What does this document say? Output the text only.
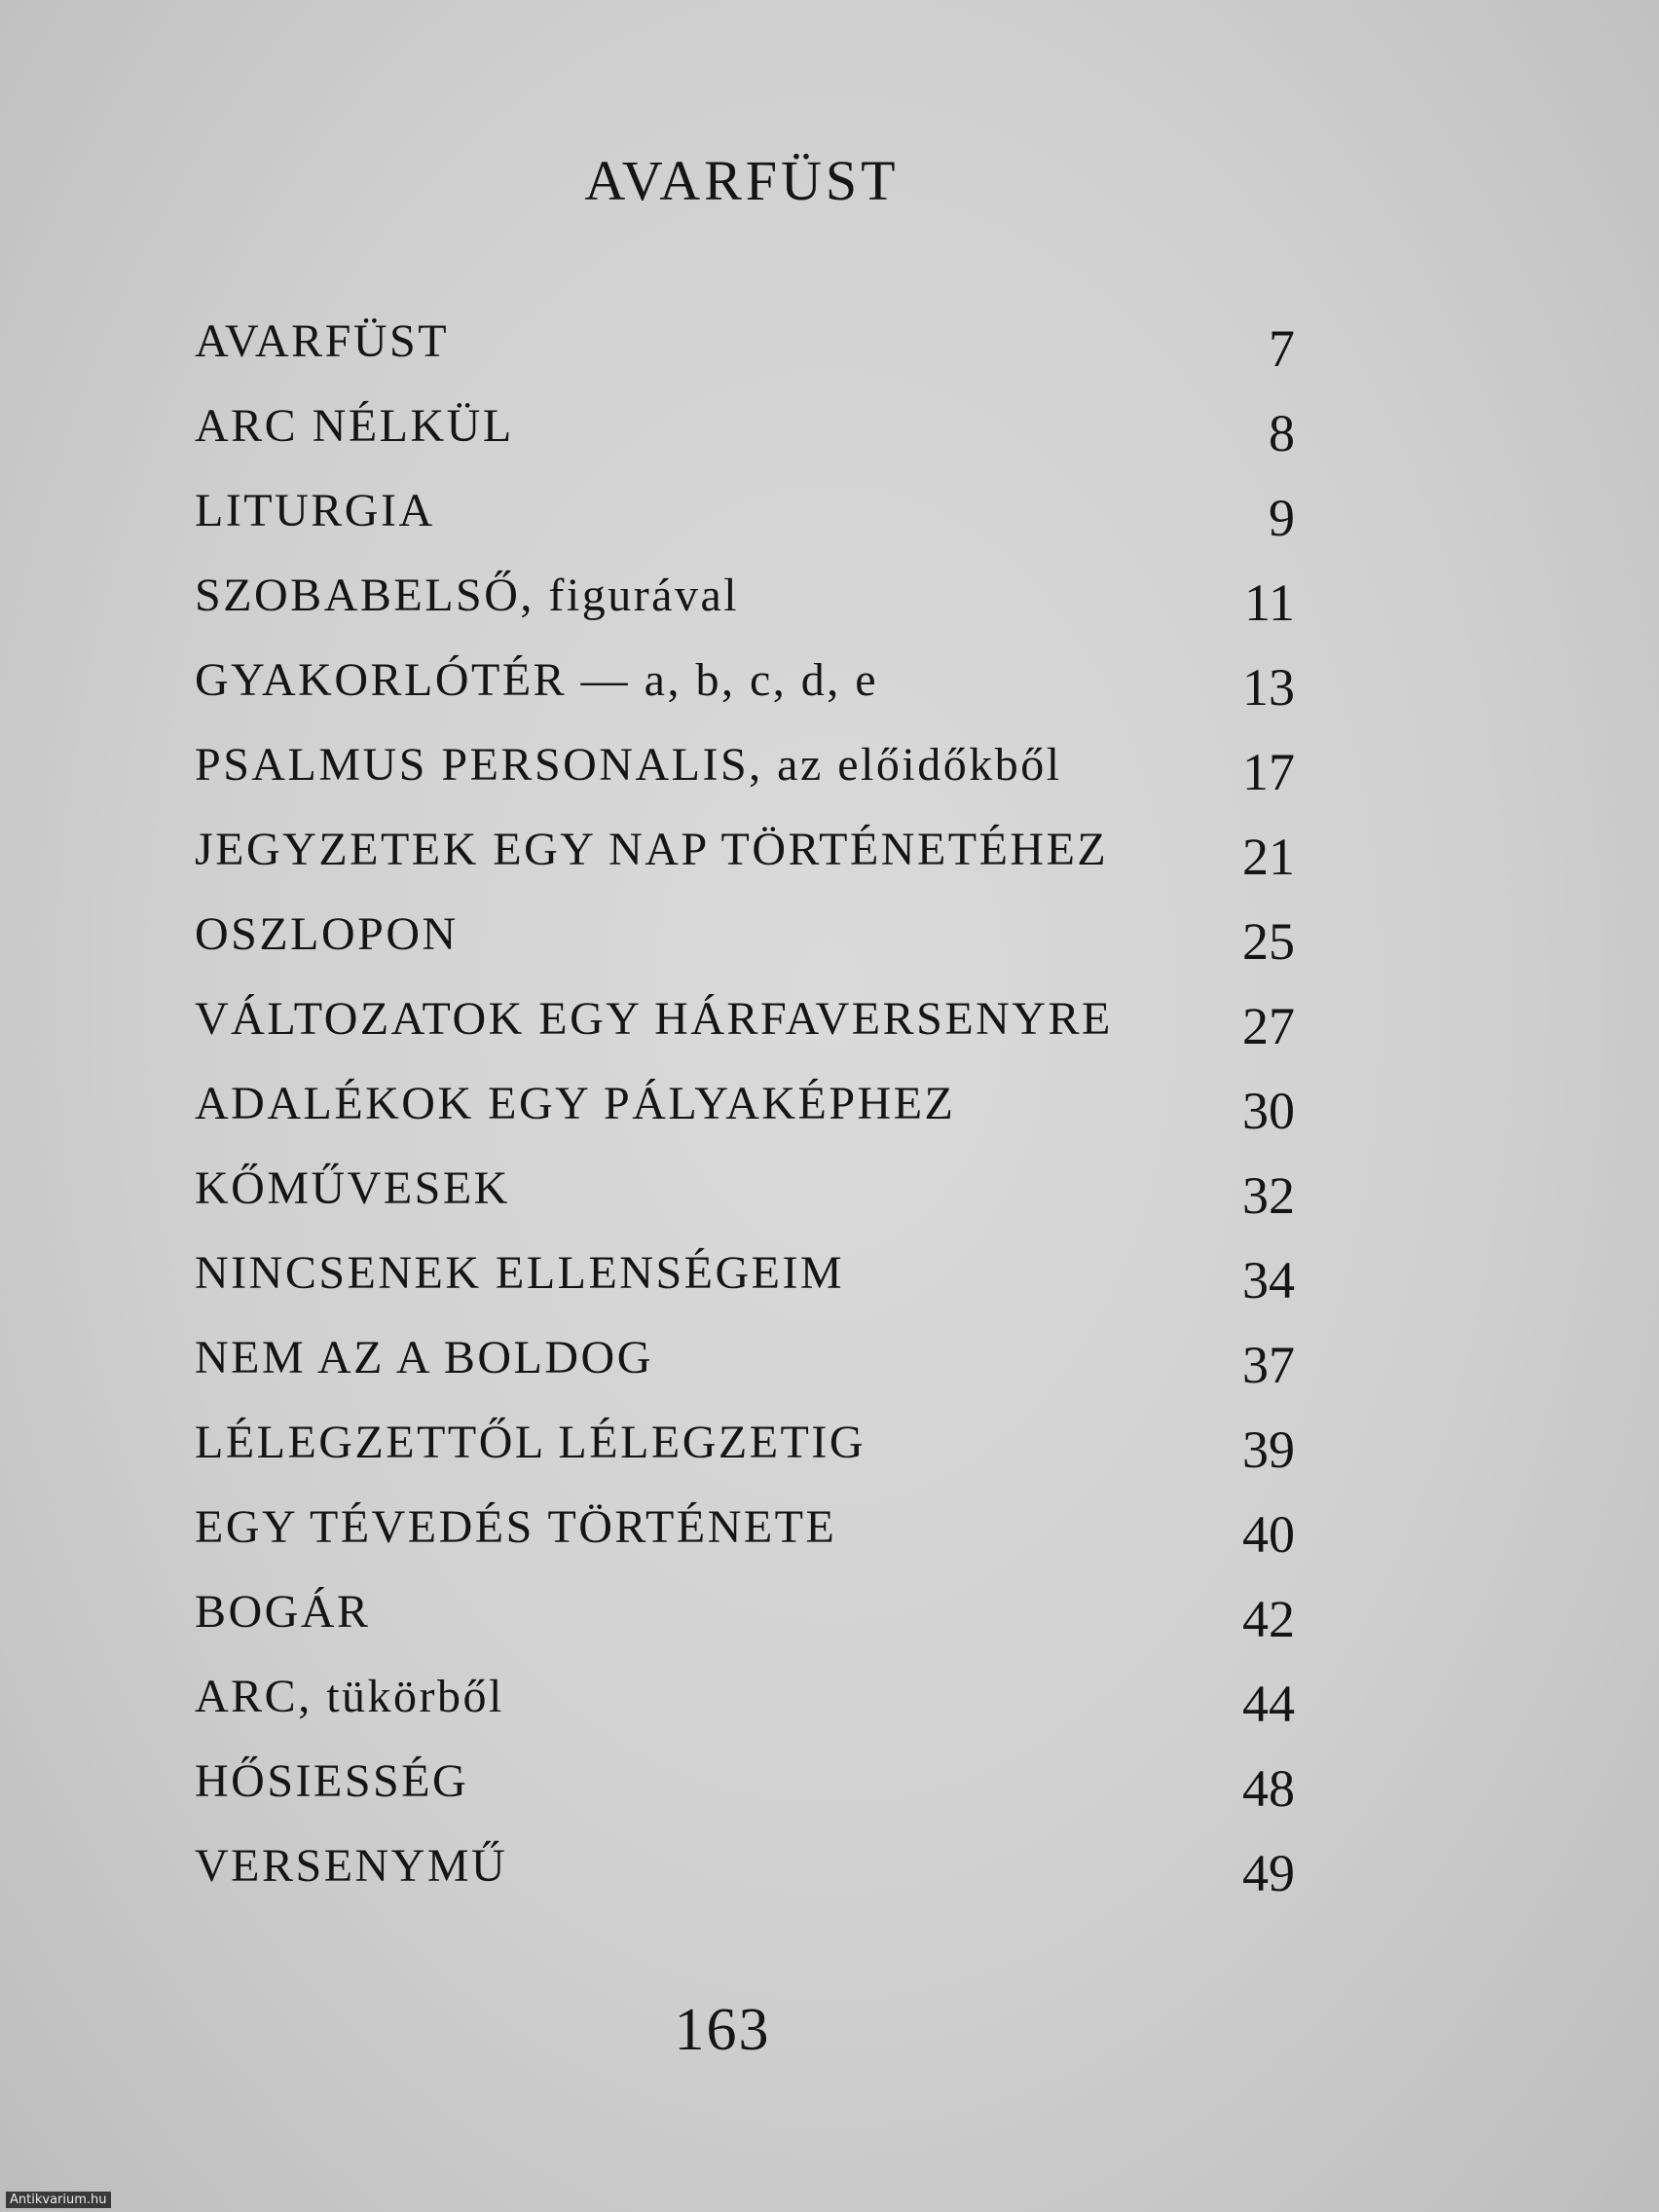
AVARFÜST
AVARFÜST	7
ARC NÉLKÜL	8
LITURGIA	9
SZOBABELSŐ, figurával	11
GYAKORLÓTÉR — a, b, c, d, e	13
PSALMUS PERSONALIS, az előidőkből	17
JEGYZETEK EGY NAP TÖRTÉNETÉHEZ	21
OSZLOPON	25
VÁLTOZATOK EGY HÁRFAVERSENYRE	27
ADALÉKOK EGY PÁLYAKÉPHEZ	30
KŐMŰVESEK	32
NINCSENEK ELLENSÉGEIM	34
NEM AZ A BOLDOG	37
LÉLEGZETTŐL LÉLEGZETIG	39
EGY TÉVEDÉS TÖRTÉNETE	40
BOGÁR	42
ARC, tükörből	44
HŐSIESSÉG	48
VERSENYMŰ	49
163
Antikvarium.hu
